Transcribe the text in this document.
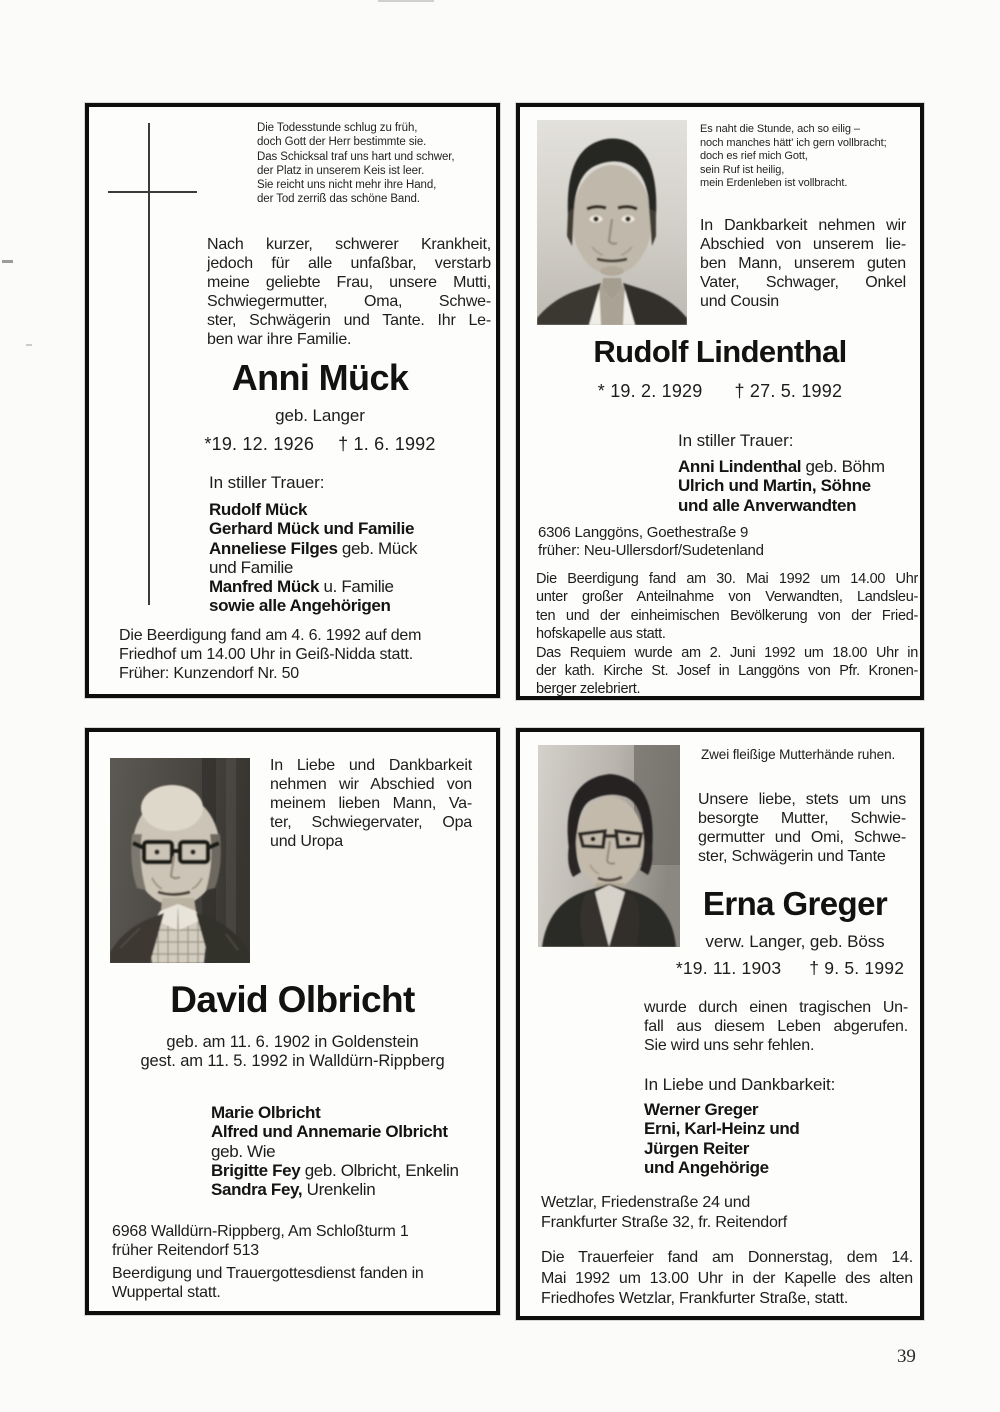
Die Todesstunde schlug zu früh,
doch Gott der Herr bestimmte sie.
Das Schicksal traf uns hart und schwer,
der Platz in unserem Keis ist leer.
Sie reicht uns nicht mehr ihre Hand,
der Tod zerriß das schöne Band.
Nach kurzer, schwerer Krankheit,
jedoch für alle unfaßbar, verstarb
meine geliebte Frau, unsere Mutti,
Schwiegermutter, Oma, Schwe-
ster, Schwägerin und Tante. Ihr Le-
ben war ihre Familie.
Anni Mück
geb. Langer
*19. 12. 1926 † 1. 6. 1992
In stiller Trauer:
Rudolf Mück
Gerhard Mück und Familie
Anneliese Filges geb. Mück
und Familie
Manfred Mück u. Familie
sowie alle Angehörigen
Die Beerdigung fand am 4. 6. 1992 auf dem
Friedhof um 14.00 Uhr in Geiß-Nidda statt.
Früher: Kunzendorf Nr. 50
Es naht die Stunde, ach so eilig –
noch manches hätt' ich gern vollbracht;
doch es rief mich Gott,
sein Ruf ist heilig,
mein Erdenleben ist vollbracht.
In Dankbarkeit nehmen wir
Abschied von unserem lie-
ben Mann, unserem guten
Vater, Schwager, Onkel
und Cousin
Rudolf Lindenthal
* 19. 2. 1929 † 27. 5. 1992
In stiller Trauer:
Anni Lindenthal geb. Böhm
Ulrich und Martin, Söhne
und alle Anverwandten
6306 Langgöns, Goethestraße 9
früher: Neu-Ullersdorf/Sudetenland
Die Beerdigung fand am 30. Mai 1992 um 14.00 Uhr
unter großer Anteilnahme von Verwandten, Landsleu-
ten und der einheimischen Bevölkerung von der Fried-
hofskapelle aus statt.
Das Requiem wurde am 2. Juni 1992 um 18.00 Uhr in
der kath. Kirche St. Josef in Langgöns von Pfr. Kronen-
berger zelebriert.
In Liebe und Dankbarkeit
nehmen wir Abschied von
meinem lieben Mann, Va-
ter, Schwiegervater, Opa
und Uropa
David Olbricht
geb. am 11. 6. 1902 in Goldenstein
gest. am 11. 5. 1992 in Walldürn-Rippberg
Marie Olbricht
Alfred und Annemarie Olbricht
geb. Wie
Brigitte Fey geb. Olbricht, Enkelin
Sandra Fey, Urenkelin
6968 Walldürn-Rippberg, Am Schloßturm 1
früher Reitendorf 513
Beerdigung und Trauergottesdienst fanden in
Wuppertal statt.
Zwei fleißige Mutterhände ruhen.
Unsere liebe, stets um uns
besorgte Mutter, Schwie-
germutter und Omi, Schwe-
ster, Schwägerin und Tante
Erna Greger
verw. Langer, geb. Böss
*19. 11. 1903 † 9. 5. 1992
wurde durch einen tragischen Un-
fall aus diesem Leben abgerufen.
Sie wird uns sehr fehlen.
In Liebe und Dankbarkeit:
Werner Greger
Erni, Karl-Heinz und
Jürgen Reiter
und Angehörige
Wetzlar, Friedenstraße 24 und
Frankfurter Straße 32, fr. Reitendorf
Die Trauerfeier fand am Donnerstag, dem 14.
Mai 1992 um 13.00 Uhr in der Kapelle des alten
Friedhofes Wetzlar, Frankfurter Straße, statt.
39
